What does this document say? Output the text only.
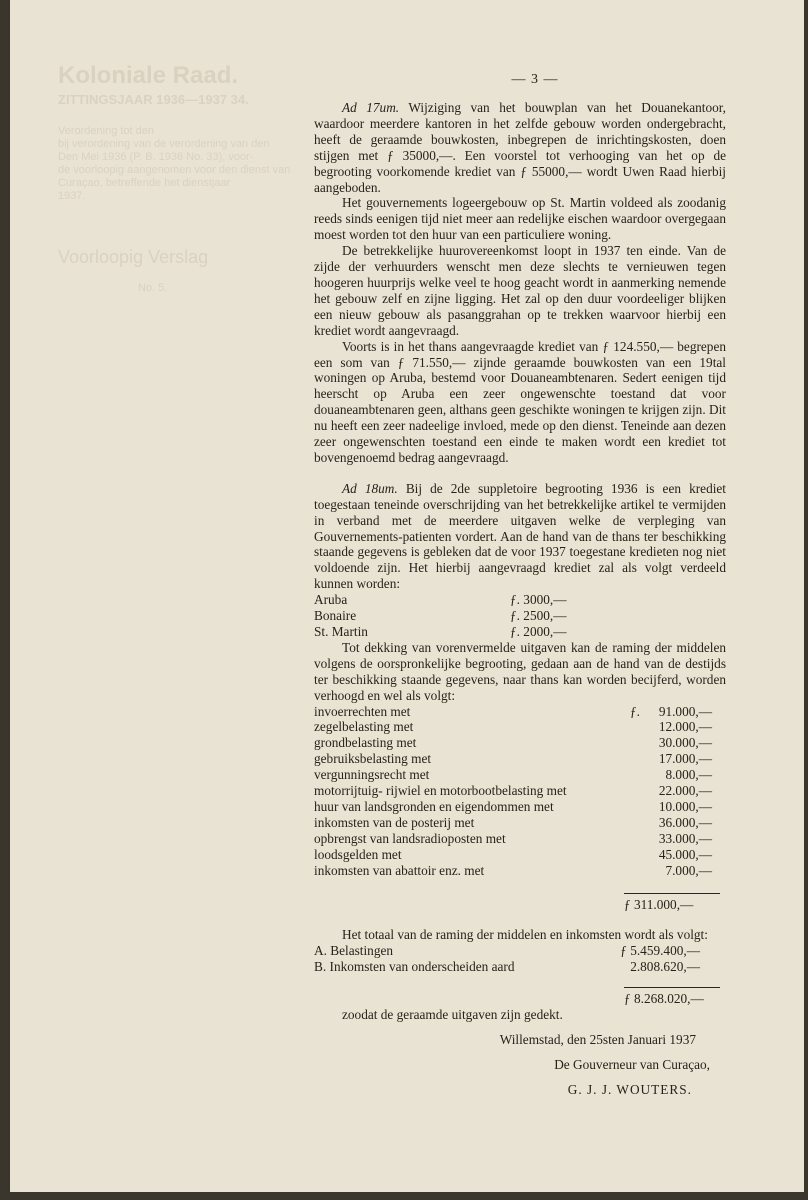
Koloniale Raad.
ZITTINGSJAAR 1936—1937 34.
Verordening tot den
bij verordening van de verordening van den
Den Mei 1936 (P. B. 1936 No. 33), voor-
de voorloopig aangenomen voor den dienst van
Curaçao, betreffende het dienstjaar
1937.
Voorloopig Verslag
No. 5.
— 3 —

Ad 17um. Wijziging van het bouwplan van het Douanekantoor, waardoor meerdere kantoren in het zelfde gebouw worden ondergebracht, heeft de geraamde bouwkosten, inbegrepen de inrichtingskosten, doen stijgen met ƒ 35000,—. Een voorstel tot verhooging van het op de begrooting voorkomende krediet van ƒ 55000,— wordt Uwen Raad hierbij aangeboden.

Het gouvernements logeergebouw op St. Martin voldeed als zoodanig reeds sinds eenigen tijd niet meer aan redelijke eischen waardoor overgegaan moest worden tot den huur van een particuliere woning.

De betrekkelijke huurovereenkomst loopt in 1937 ten einde. Van de zijde der verhuurders wenscht men deze slechts te vernieuwen tegen hoogeren huurprijs welke veel te hoog geacht wordt in aanmerking nemende het gebouw zelf en zijne ligging. Het zal op den duur voordeeliger blijken een nieuw gebouw als pasanggrahan op te trekken waarvoor hierbij een krediet wordt aangevraagd.

Voorts is in het thans aangevraagde krediet van ƒ 124.550,— begrepen een som van ƒ 71.550,— zijnde geraamde bouwkosten van een 19tal woningen op Aruba, bestemd voor Douaneambtenaren. Sedert eenigen tijd heerscht op Aruba een zeer ongewenschte toestand dat voor douaneambtenaren geen, althans geen geschikte woningen te krijgen zijn. Dit nu heeft een zeer nadeelige invloed, mede op den dienst. Teneinde aan dezen zeer ongewenschten toestand een einde te maken wordt een krediet tot bovengenoemd bedrag aangevraagd.

Ad 18um. Bij de 2de suppletoire begrooting 1936 is een krediet toegestaan teneinde overschrijding van het betrekkelijke artikel te vermijden in verband met de meerdere uitgaven welke de verpleging van Gouvernements-patienten vordert. Aan de hand van de thans ter beschikking staande gegevens is gebleken dat de voor 1937 toegestane kredieten nog niet voldoende zijn. Het hierbij aangevraagd krediet zal als volgt verdeeld kunnen worden:

Aruba	ƒ. 3000,—
Bonaire	ƒ. 2500,—
St. Martin	ƒ. 2000,—

Tot dekking van vorenvermelde uitgaven kan de raming der middelen volgens de oorspronkelijke begrooting, gedaan aan de hand van de destijds ter beschikking staande gegevens, naar thans kan worden becijferd, worden verhoogd en wel als volgt:

invoerrechten met	ƒ.	91.000,—
zegelbelasting met	12.000,—
grondbelasting met	30.000,—
gebruiksbelasting met	17.000,—
vergunningsrecht met	8.000,—
motorrijtuig- rijwiel en motorbootbelasting met	22.000,—
huur van landsgronden en eigendommen met	10.000,—
inkomsten van de posterij met	36.000,—
opbrengst van landsradioposten met	33.000,—
loodsgelden met	45.000,—
inkomsten van abattoir enz. met	7.000,—
ƒ 311.000,—

Het totaal van de raming der middelen en inkomsten wordt als volgt:

A. Belastingen	ƒ 5.459.400,—
B. Inkomsten van onderscheiden aard	2.808.620,—
ƒ 8.268.020,—

zoodat de geraamde uitgaven zijn gedekt.

Willemstad, den 25sten Januari 1937
De Gouverneur van Curaçao,
G. J. J. WOUTERS.
